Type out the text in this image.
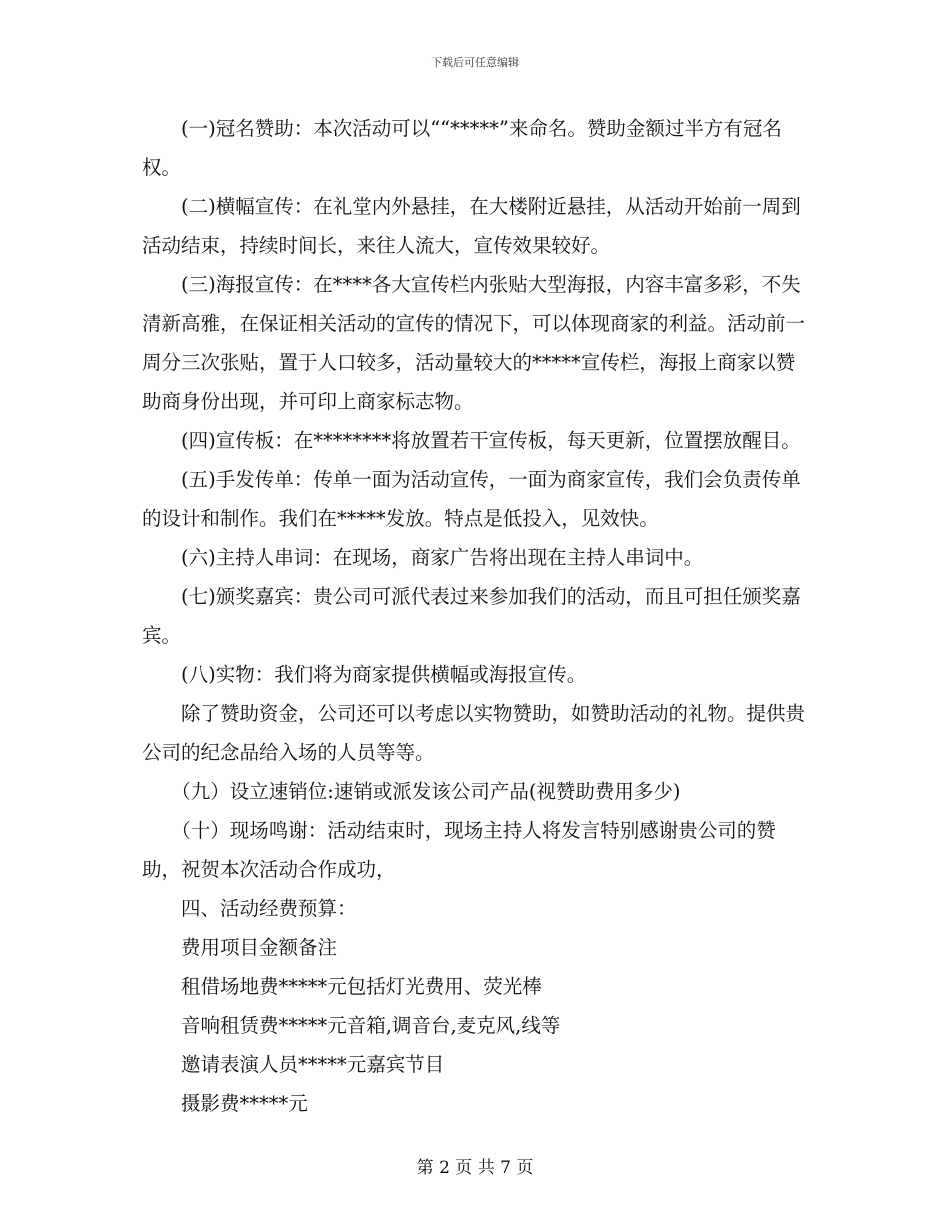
下载后可任意编辑

(一)冠名赞助：本次活动可以““*****”来命名。赞助金额过半方有冠名权。

(二)横幅宣传：在礼堂内外悬挂，在大楼附近悬挂，从活动开始前一周到活动结束，持续时间长，来往人流大，宣传效果较好。

(三)海报宣传：在****各大宣传栏内张贴大型海报，内容丰富多彩，不失清新高雅，在保证相关活动的宣传的情况下，可以体现商家的利益。活动前一周分三次张贴，置于人口较多，活动量较大的*****宣传栏，海报上商家以赞助商身份出现，并可印上商家标志物。

(四)宣传板：在********将放置若干宣传板，每天更新，位置摆放醒目。

(五)手发传单：传单一面为活动宣传，一面为商家宣传，我们会负责传单的设计和制作。我们在*****发放。特点是低投入，见效快。

(六)主持人串词：在现场，商家广告将出现在主持人串词中。

(七)颁奖嘉宾：贵公司可派代表过来参加我们的活动，而且可担任颁奖嘉宾。

(八)实物：我们将为商家提供横幅或海报宣传。

除了赞助资金，公司还可以考虑以实物赞助，如赞助活动的礼物。提供贵公司的纪念品给入场的人员等等。

（九）设立速销位:速销或派发该公司产品(视赞助费用多少)

（十）现场鸣谢：活动结束时，现场主持人将发言特别感谢贵公司的赞助，祝贺本次活动合作成功，

四、活动经费预算：

费用项目金额备注

租借场地费*****元包括灯光费用、荧光棒

音响租赁费*****元音箱,调音台,麦克风,线等

邀请表演人员*****元嘉宾节目

摄影费*****元

第 2 页 共 7 页
